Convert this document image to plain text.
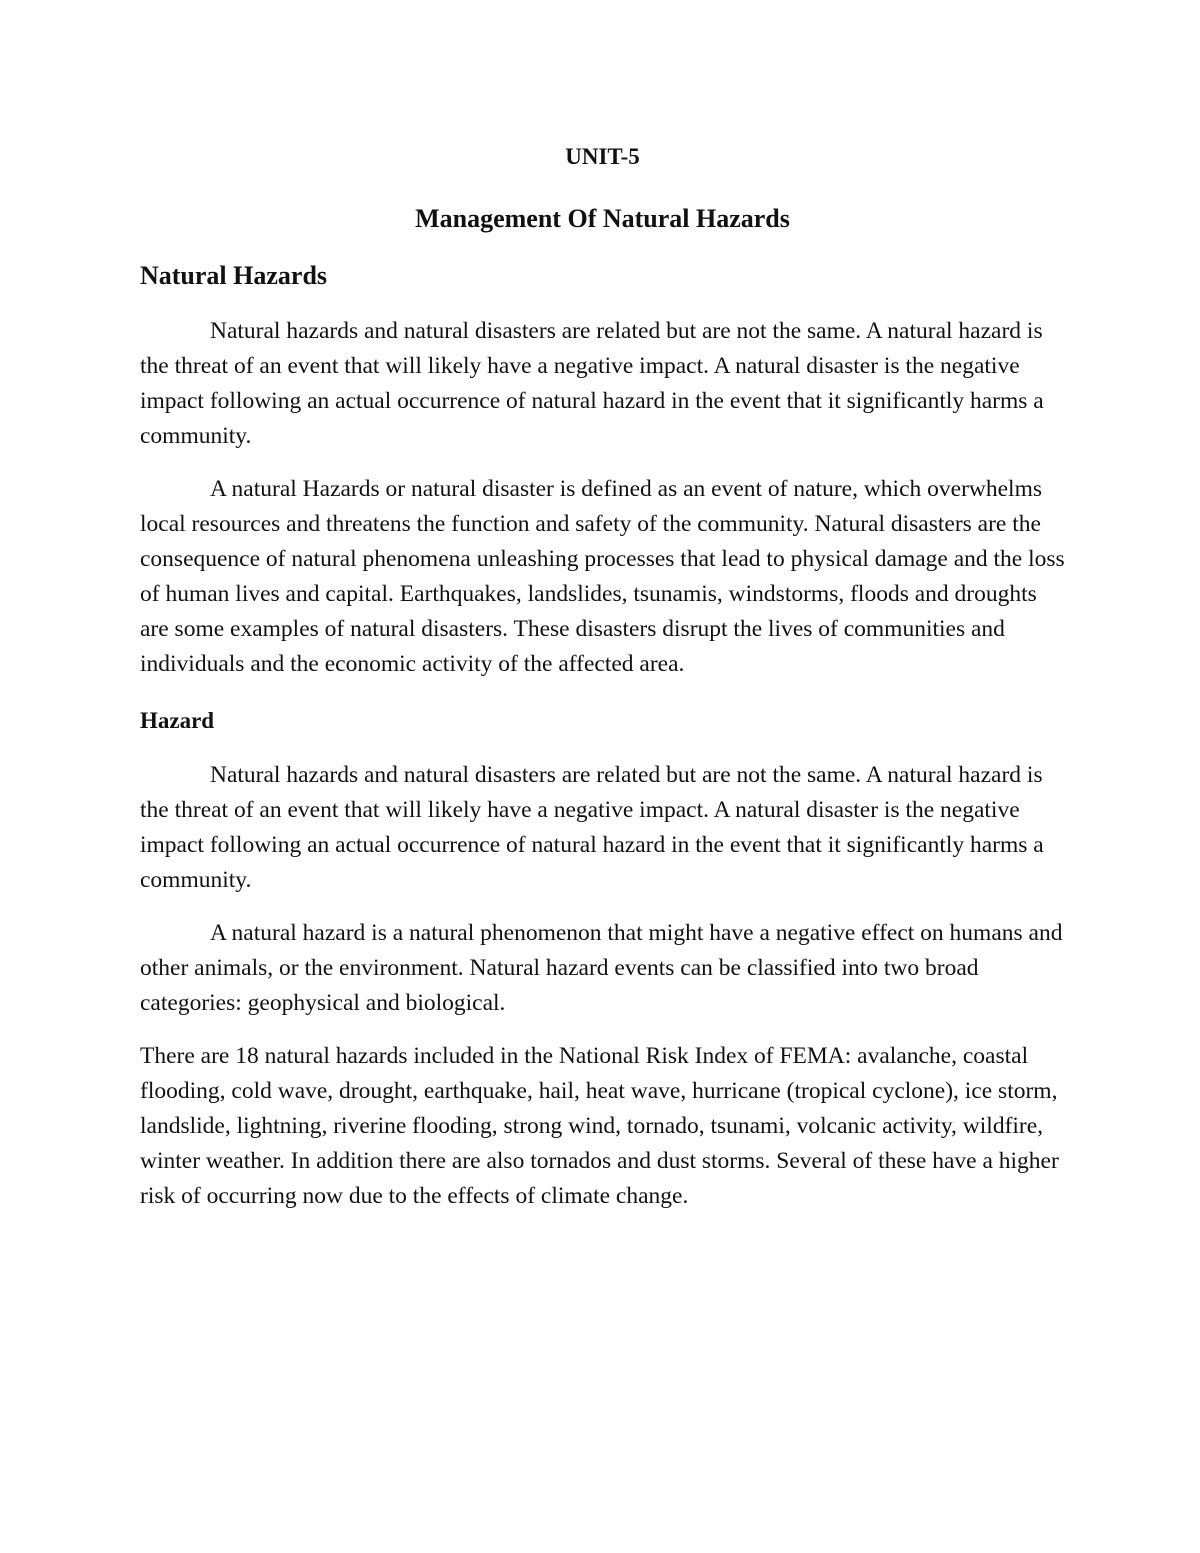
UNIT-5
Management Of Natural Hazards
Natural Hazards

Natural hazards and natural disasters are related but are not the same. A natural hazard is the threat of an event that will likely have a negative impact. A natural disaster is the negative impact following an actual occurrence of natural hazard in the event that it significantly harms a community.

A natural Hazards or natural disaster is defined as an event of nature, which overwhelms local resources and threatens the function and safety of the community. Natural disasters are the consequence of natural phenomena unleashing processes that lead to physical damage and the loss of human lives and capital. Earthquakes, landslides, tsunamis, windstorms, floods and droughts are some examples of natural disasters. These disasters disrupt the lives of communities and individuals and the economic activity of the affected area.

Hazard

Natural hazards and natural disasters are related but are not the same. A natural hazard is the threat of an event that will likely have a negative impact. A natural disaster is the negative impact following an actual occurrence of natural hazard in the event that it significantly harms a community.

A natural hazard is a natural phenomenon that might have a negative effect on humans and other animals, or the environment. Natural hazard events can be classified into two broad categories: geophysical and biological.

There are 18 natural hazards included in the National Risk Index of FEMA: avalanche, coastal flooding, cold wave, drought, earthquake, hail, heat wave, hurricane (tropical cyclone), ice storm, landslide, lightning, riverine flooding, strong wind, tornado, tsunami, volcanic activity, wildfire, winter weather. In addition there are also tornados and dust storms. Several of these have a higher risk of occurring now due to the effects of climate change.
